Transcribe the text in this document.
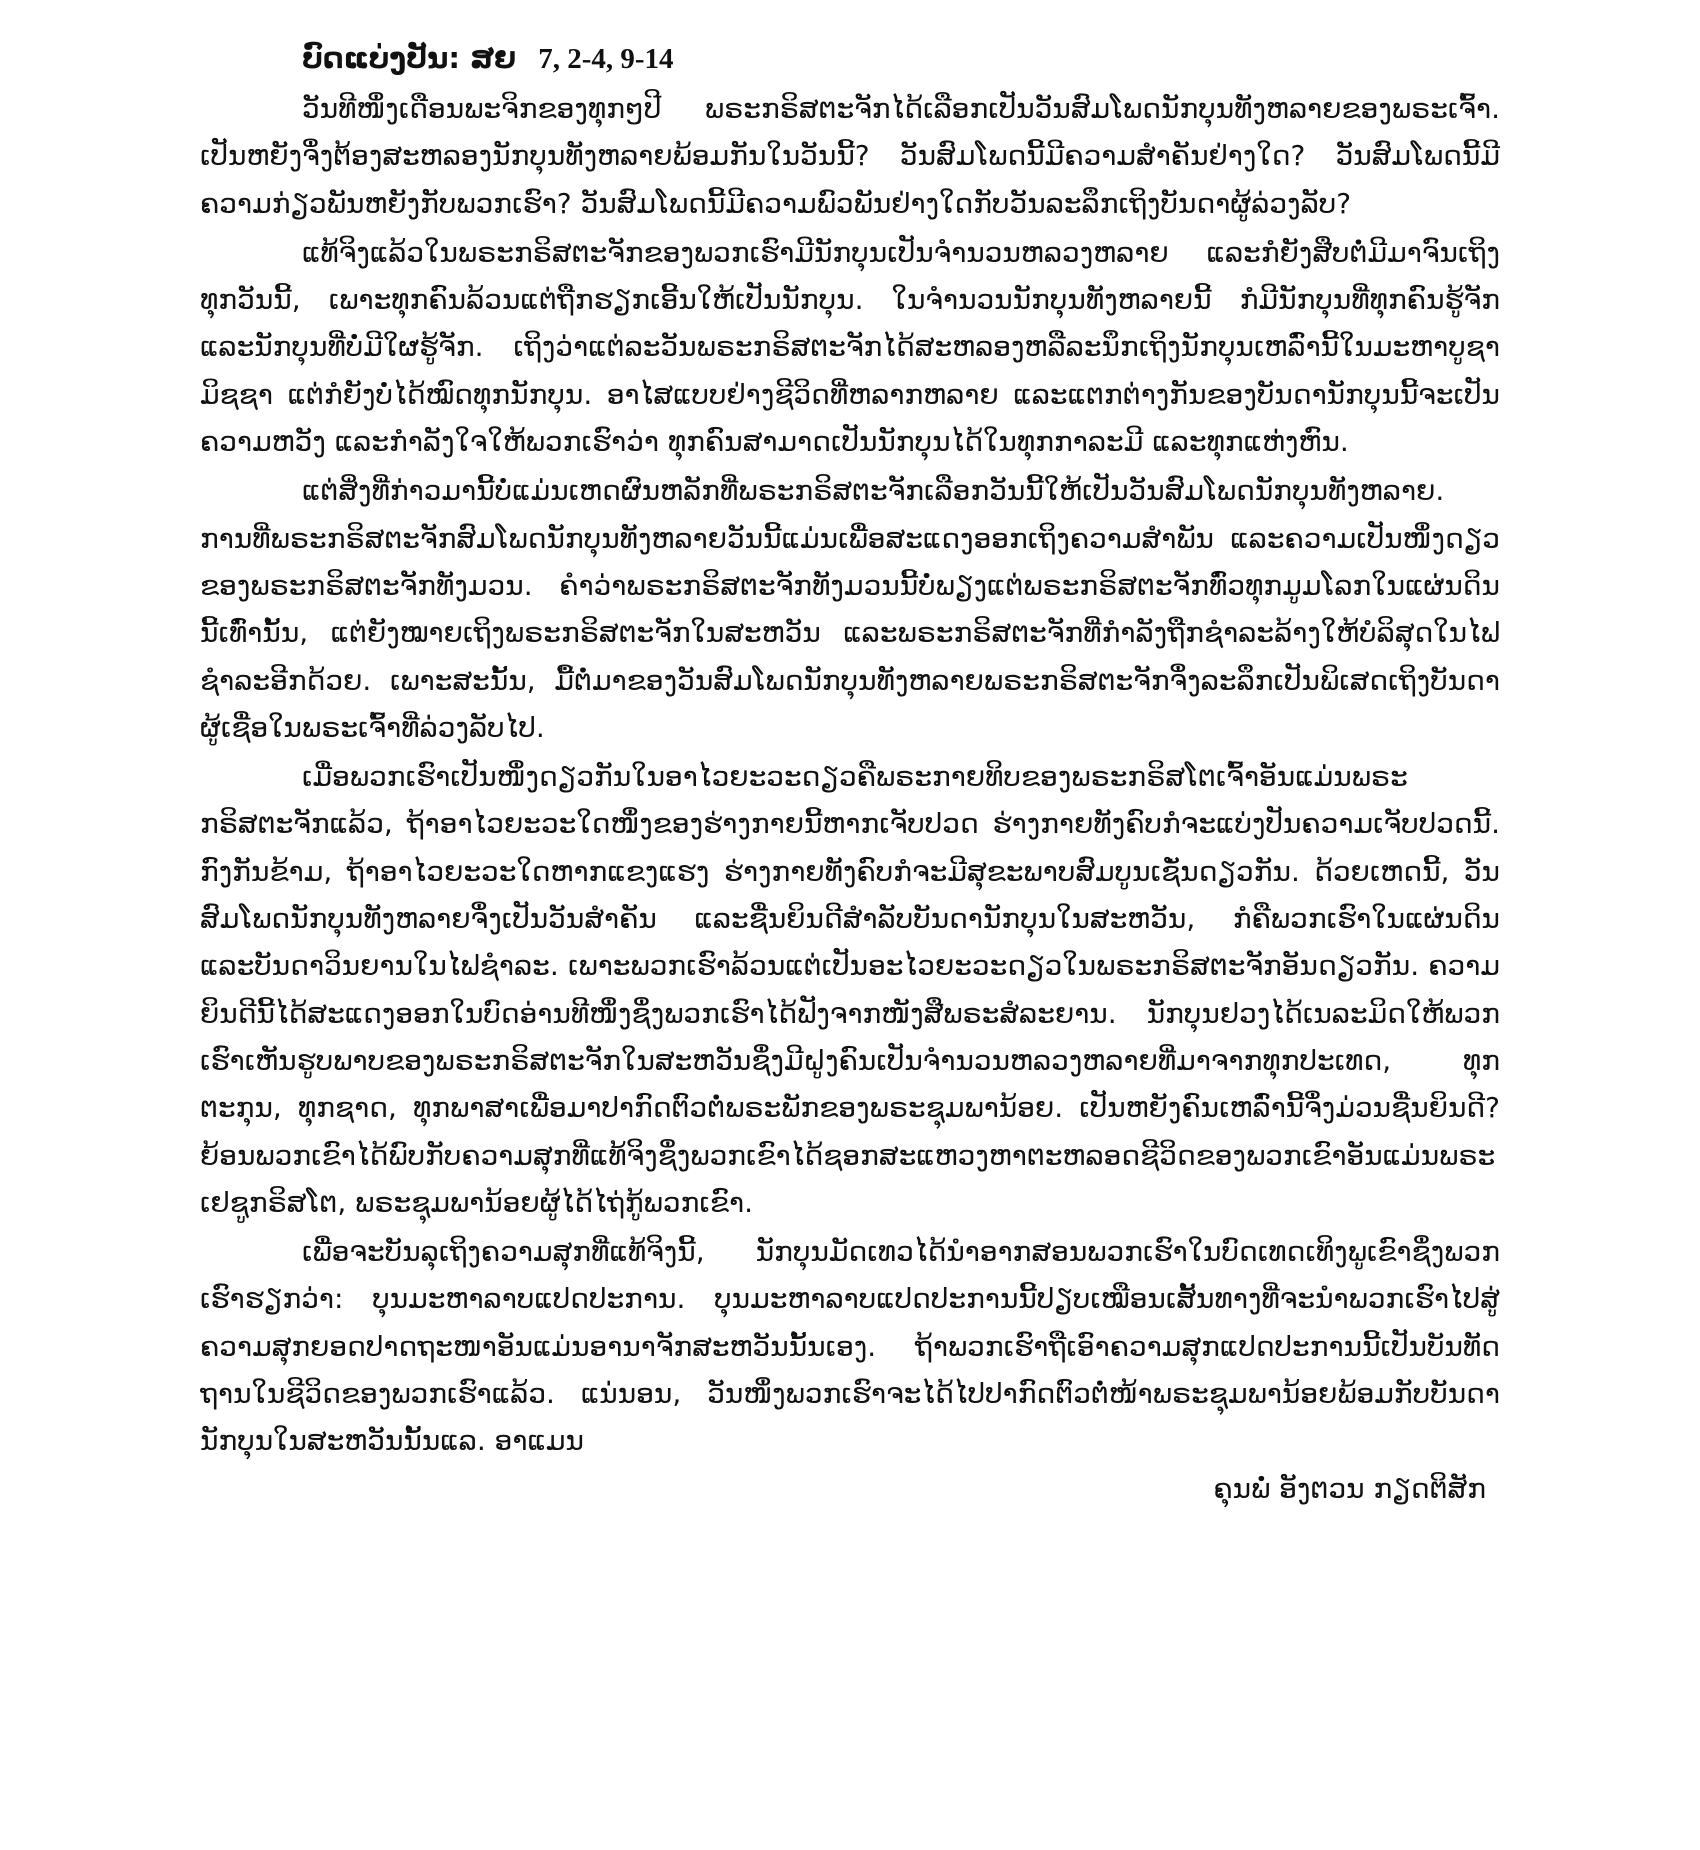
ບົດແບ່ງປັນ: ສຍ 7, 2-4, 9-14

ວັນທີໜຶ່ງເດືອນພະຈິກຂອງທຸກໆປີ ພຣະກຣິສຕະຈັກໄດ້ເລືອກເປັນວັນສົມໂພດນັກບຸນທັງຫລາຍຂອງພຣະເຈົ້າ. ເປັນຫຍັງຈຶ່ງຕ້ອງສະຫລອງນັກບຸນທັງຫລາຍພ້ອມກັນໃນວັນນີ້? ວັນສົມໂພດນີ້ມີຄວາມສຳຄັນຢ່າງໃດ? ວັນສົມໂພດນີ້ມີຄວາມກ່ຽວພັນຫຍັງກັບພວກເຮົາ? ວັນສົມໂພດນີ້ມີຄວາມພົວພັນຢ່າງໃດກັບວັນລະລຶກເຖິງບັນດາຜູ້ລ່ວງລັບ?

ແທ້ຈິງແລ້ວໃນພຣະກຣິສຕະຈັກຂອງພວກເຮົາມີນັກບຸນເປັນຈຳນວນຫລວງຫລາຍ ແລະກໍຍັງສືບຕໍ່ມີມາຈົນເຖິງທຸກວັນນີ້, ເພາະທຸກຄົນລ້ວນແຕ່ຖືກຮຽກເອີ້ນໃຫ້ເປັນນັກບຸນ. ໃນຈຳນວນນັກບຸນທັງຫລາຍນີ້ ກໍມີນັກບຸນທີ່ທຸກຄົນຮູ້ຈັກ ແລະນັກບຸນທີ່ບໍ່ມີໃຜຮູ້ຈັກ. ເຖິງວ່າແຕ່ລະວັນພຣະກຣິສຕະຈັກໄດ້ສະຫລອງຫລືລະນຶກເຖິງນັກບຸນເຫລົ່ານີ້ໃນມະຫາບູຊາມິຊຊາ ແຕ່ກໍຍັງບໍ່ໄດ້ໝົດທຸກນັກບຸນ. ອາໄສແບບຢ່າງຊີວິດທີ່ຫລາກຫລາຍ ແລະແຕກຕ່າງກັນຂອງບັນດານັກບຸນນີ້ຈະເປັນຄວາມຫວັງ ແລະກຳລັງໃຈໃຫ້ພວກເຮົາວ່າ ທຸກຄົນສາມາດເປັນນັກບຸນໄດ້ໃນທຸກກາລະມີ ແລະທຸກແຫ່ງຫົນ.

ແຕ່ສິ່ງທີ່ກ່າວມານີ້ບໍ່ແມ່ນເຫດຜົນຫລັກທີ່ພຣະກຣິສຕະຈັກເລືອກວັນນີ້ໃຫ້ເປັນວັນສົມໂພດນັກບຸນທັງຫລາຍ. ການທີ່ພຣະກຣິສຕະຈັກສົມໂພດນັກບຸນທັງຫລາຍວັນນີ້ແມ່ນເພື່ອສະແດງອອກເຖິງຄວາມສຳພັນ ແລະຄວາມເປັນໜຶ່ງດຽວຂອງພຣະກຣິສຕະຈັກທັງມວນ. ຄຳວ່າພຣະກຣິສຕະຈັກທັງມວນນີ້ບໍ່ພຽງແຕ່ພຣະກຣິສຕະຈັກທົ່ວທຸກມູມໂລກໃນແຜ່ນດິນນີ້ເທົ່ານັ້ນ, ແຕ່ຍັງໝາຍເຖິງພຣະກຣິສຕະຈັກໃນສະຫວັນ ແລະພຣະກຣິສຕະຈັກທີ່ກຳລັງຖືກຊຳລະລ້າງໃຫ້ບໍລິສຸດໃນໄຟຊຳລະອີກດ້ວຍ. ເພາະສະນັ້ນ, ມື້ຕໍ່ມາຂອງວັນສົມໂພດນັກບຸນທັງຫລາຍພຣະກຣິສຕະຈັກຈຶ່ງລະລຶກເປັນພິເສດເຖິງບັນດາຜູ້ເຊື່ອໃນພຣະເຈົ້າທີ່ລ່ວງລັບໄປ.

ເມື່ອພວກເຮົາເປັນໜຶ່ງດຽວກັນໃນອາໄວຍະວະດຽວຄືພຣະກາຍທິບຂອງພຣະກຣິສໂຕເຈົ້າອັນແມ່ນພຣະກຣິສຕະຈັກແລ້ວ, ຖ້າອາໄວຍະວະໃດໜຶ່ງຂອງຮ່າງກາຍນີ້ຫາກເຈັບປວດ ຮ່າງກາຍທັງຄົບກໍຈະແບ່ງປັນຄວາມເຈັບປວດນີ້. ກົງກັນຂ້າມ, ຖ້າອາໄວຍະວະໃດຫາກແຂງແຮງ ຮ່າງກາຍທັງຄົບກໍຈະມີສຸຂະພາບສົມບູນເຊັ່ນດຽວກັນ. ດ້ວຍເຫດນີ້, ວັນສົມໂພດນັກບຸນທັງຫລາຍຈຶ່ງເປັນວັນສຳຄັນ ແລະຊື່ນຍິນດີສຳລັບບັນດານັກບຸນໃນສະຫວັນ, ກໍຄືພວກເຮົາໃນແຜ່ນດິນ ແລະບັນດາວິນຍານໃນໄຟຊຳລະ. ເພາະພວກເຮົາລ້ວນແຕ່ເປັນອະໄວຍະວະດຽວໃນພຣະກຣິສຕະຈັກອັນດຽວກັນ. ຄວາມຍິນດີນີ້ໄດ້ສະແດງອອກໃນບົດອ່ານທີໜຶ່ງຊຶ່ງພວກເຮົາໄດ້ຟັງຈາກໜັງສືພຣະສໍລະຍານ. ນັກບຸນຢວງໄດ້ເນລະມິດໃຫ້ພວກເຮົາເຫັນຮູບພາບຂອງພຣະກຣິສຕະຈັກໃນສະຫວັນຊຶ່ງມີຝູງຄົນເປັນຈຳນວນຫລວງຫລາຍທີ່ມາຈາກທຸກປະເທດ, ທຸກຕະກຸນ, ທຸກຊາດ, ທຸກພາສາເພື່ອມາປາກົດຕົວຕໍ່ພຣະພັກຂອງພຣະຊຸມພານ້ອຍ. ເປັນຫຍັງຄົນເຫລົ່ານີ້ຈຶ່ງມ່ວນຊື່ນຍິນດີ? ຍ້ອນພວກເຂົາໄດ້ພົບກັບຄວາມສຸກທີ່ແທ້ຈິງຊຶ່ງພວກເຂົາໄດ້ຊອກສະແຫວງຫາຕະຫລອດຊີວິດຂອງພວກເຂົາອັນແມ່ນພຣະເຢຊູກຣິສໂຕ, ພຣະຊຸມພານ້ອຍຜູ້ໄດ້ໄຖ່ກູ້ພວກເຂົາ.

ເພື່ອຈະບັນລຸເຖິງຄວາມສຸກທີ່ແທ້ຈິງນີ້, ນັກບຸນມັດເທວໄດ້ນຳອາກສອນພວກເຮົາໃນບົດເທດເທິງພູເຂົາຊຶ່ງພວກເຮົາຮຽກວ່າ: ບຸນມະຫາລາບແປດປະການ. ບຸນມະຫາລາບແປດປະການນີ້ປຽບເໝືອນເສັ້ນທາງທີ່ຈະນຳພວກເຮົາໄປສູ່ຄວາມສຸກຍອດປາດຖະໜາອັນແມ່ນອານາຈັກສະຫວັນນັ້ນເອງ. ຖ້າພວກເຮົາຖືເອົາຄວາມສຸກແປດປະການນີ້ເປັນບັນທັດຖານໃນຊີວິດຂອງພວກເຮົາແລ້ວ. ແນ່ນອນ, ວັນໜຶ່ງພວກເຮົາຈະໄດ້ໄປປາກົດຕົວຕໍ່ໜ້າພຣະຊຸມພານ້ອຍພ້ອມກັບບັນດານັກບຸນໃນສະຫວັນນັ້ນແລ. ອາແມນ

ຄຸນພໍ່ ອັງຕວນ ກຽດຕິສັກ
